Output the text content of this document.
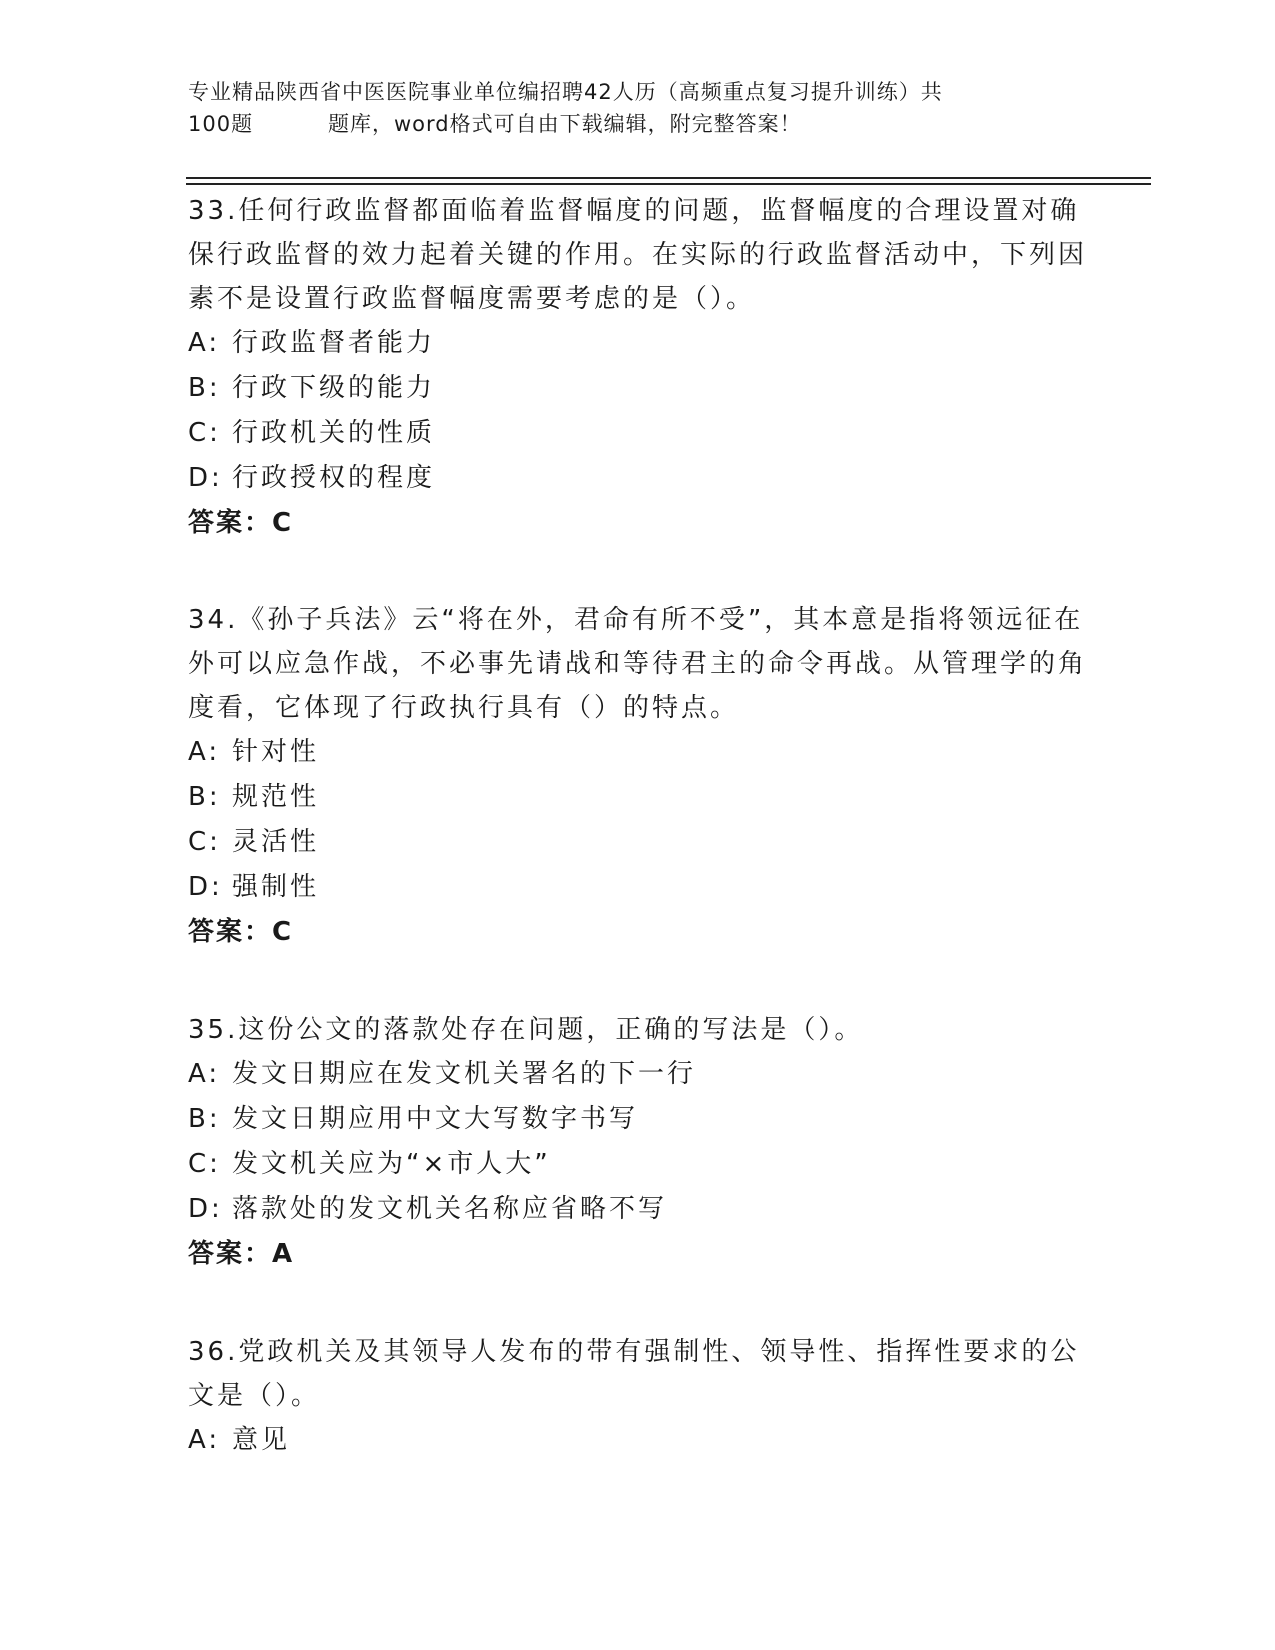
专业精品陕西省中医医院事业单位编招聘42人历（高频重点复习提升训练）共
100题	题库，word格式可自由下载编辑，附完整答案！

33.任何行政监督都面临着监督幅度的问题，监督幅度的合理设置对确保行政监督的效力起着关键的作用。在实际的行政监督活动中，下列因素不是设置行政监督幅度需要考虑的是（）。

A: 行政监督者能力

B: 行政下级的能力

C: 行政机关的性质

D: 行政授权的程度

答案：C

34.《孙子兵法》云“将在外，君命有所不受”，其本意是指将领远征在外可以应急作战，不必事先请战和等待君主的命令再战。从管理学的角度看，它体现了行政执行具有（）的特点。

A: 针对性

B: 规范性

C: 灵活性

D: 强制性

答案：C

35.这份公文的落款处存在问题，正确的写法是（）。

A: 发文日期应在发文机关署名的下一行

B: 发文日期应用中文大写数字书写

C: 发文机关应为“×市人大”

D: 落款处的发文机关名称应省略不写

答案：A

36.党政机关及其领导人发布的带有强制性、领导性、指挥性要求的公文是（）。

A: 意见
